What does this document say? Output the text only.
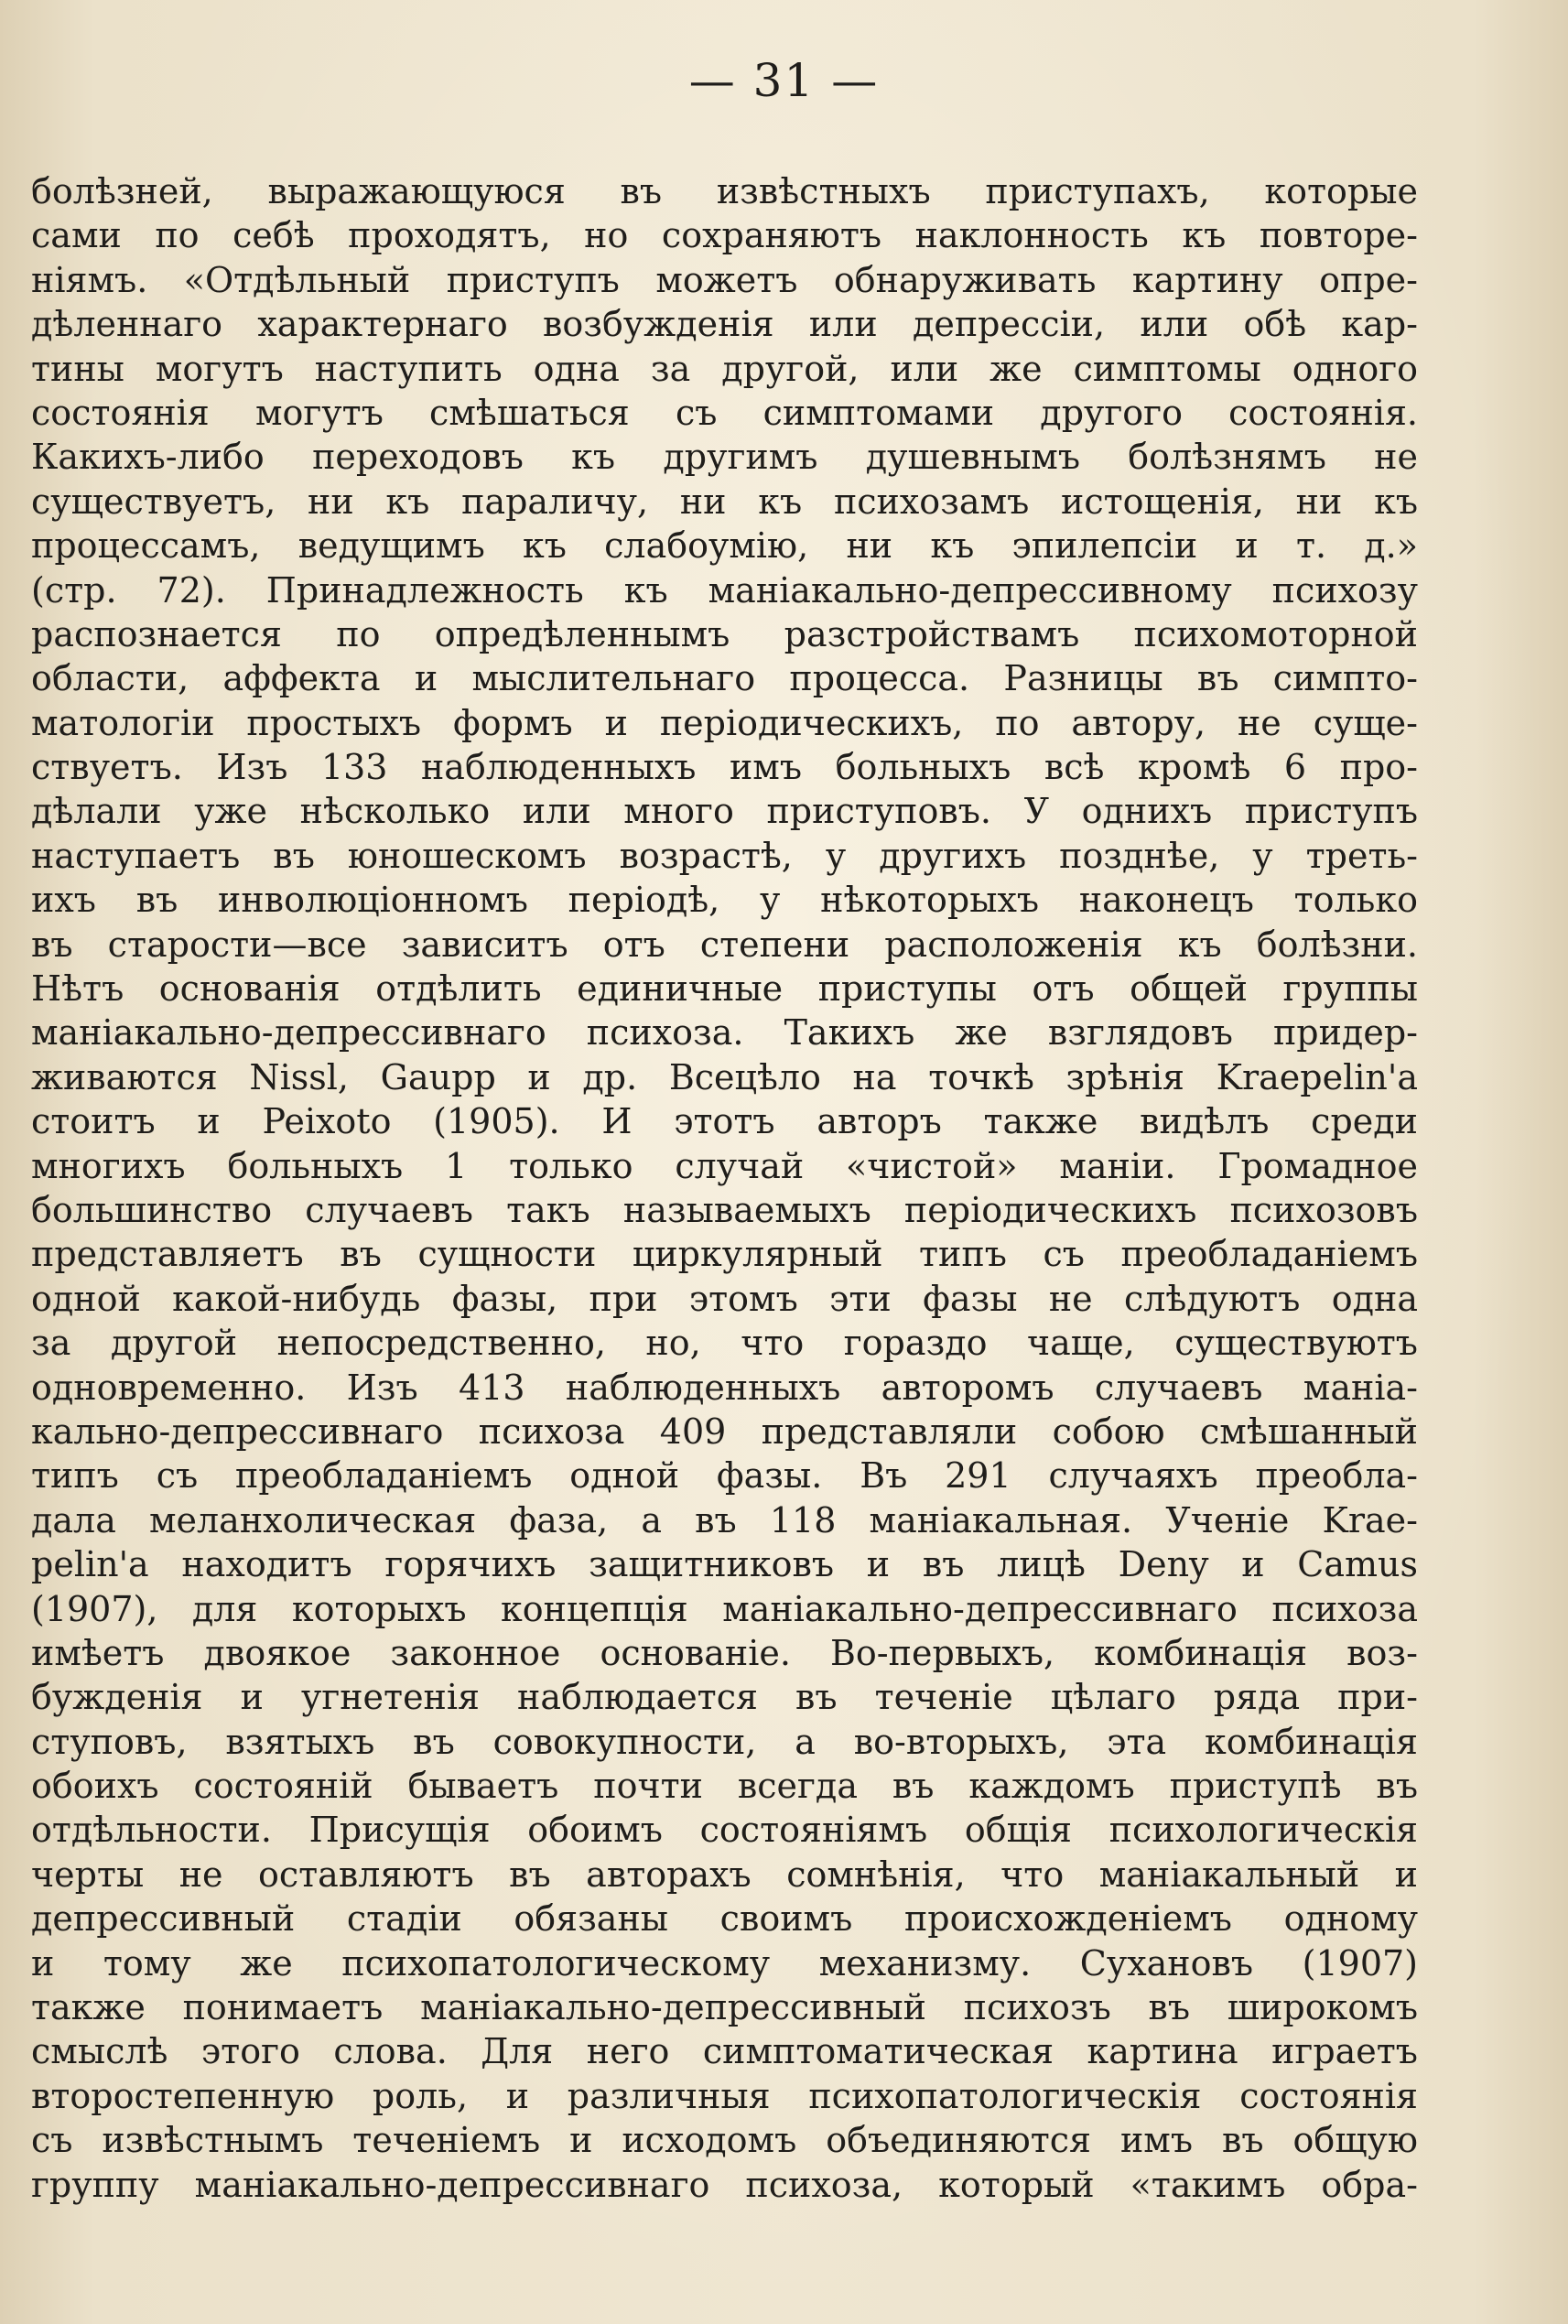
— 31 —
болѣзней, выражающуюся въ извѣстныхъ приступахъ, которые
сами по себѣ проходятъ, но сохраняютъ наклонность къ повторе-
ніямъ. «Отдѣльный приступъ можетъ обнаруживать картину опре-
дѣленнаго характернаго возбужденія или депрессіи, или обѣ кар-
тины могутъ наступить одна за другой, или же симптомы одного
состоянія могутъ смѣшаться съ симптомами другого состоянія.
Какихъ-либо переходовъ къ другимъ душевнымъ болѣзнямъ не
существуетъ, ни къ параличу, ни къ психозамъ истощенія, ни къ
процессамъ, ведущимъ къ слабоумію, ни къ эпилепсіи и т. д.»
(стр. 72). Принадлежность къ маніакально-депрессивному психозу
распознается по опредѣленнымъ разстройствамъ психомоторной
области, аффекта и мыслительнаго процесса. Разницы въ симпто-
матологіи простыхъ формъ и періодическихъ, по автору, не суще-
ствуетъ. Изъ 133 наблюденныхъ имъ больныхъ всѣ кромѣ 6 про-
дѣлали уже нѣсколько или много приступовъ. У однихъ приступъ
наступаетъ въ юношескомъ возрастѣ, у другихъ позднѣе, у треть-
ихъ въ инволюціонномъ періодѣ, у нѣкоторыхъ наконецъ только
въ старости—все зависитъ отъ степени расположенія къ болѣзни.
Нѣтъ основанія отдѣлить единичные приступы отъ общей группы
маніакально-депрессивнаго психоза. Такихъ же взглядовъ придер-
живаются Nissl, Gaupp и др. Всецѣло на точкѣ зрѣнія Kraepelin'а
стоитъ и Peixoto (1905). И этотъ авторъ также видѣлъ среди
многихъ больныхъ 1 только случай «чистой» маніи. Громадное
большинство случаевъ такъ называемыхъ періодическихъ психозовъ
представляетъ въ сущности циркулярный типъ съ преобладаніемъ
одной какой-нибудь фазы, при этомъ эти фазы не слѣдуютъ одна
за другой непосредственно, но, что гораздо чаще, существуютъ
одновременно. Изъ 413 наблюденныхъ авторомъ случаевъ маніа-
кально-депрессивнаго психоза 409 представляли собою смѣшанный
типъ съ преобладаніемъ одной фазы. Въ 291 случаяхъ преобла-
дала меланхолическая фаза, а въ 118 маніакальная. Ученіе Krae-
pelin'а находитъ горячихъ защитниковъ и въ лицѣ Deny и Camus
(1907), для которыхъ концепція маніакально-депрессивнаго психоза
имѣетъ двоякое законное основаніе. Во-первыхъ, комбинація воз-
бужденія и угнетенія наблюдается въ теченіе цѣлаго ряда при-
ступовъ, взятыхъ въ совокупности, а во-вторыхъ, эта комбинація
обоихъ состояній бываетъ почти всегда въ каждомъ приступѣ въ
отдѣльности. Присущія обоимъ состояніямъ общія психологическія
черты не оставляютъ въ авторахъ сомнѣнія, что маніакальный и
депрессивный стадіи обязаны своимъ происхожденіемъ одному
и тому же психопатологическому механизму. Сухановъ (1907)
также понимаетъ маніакально-депрессивный психозъ въ широкомъ
смыслѣ этого слова. Для него симптоматическая картина играетъ
второстепенную роль, и различныя психопатологическія состоянія
съ извѣстнымъ теченіемъ и исходомъ объединяются имъ въ общую
группу маніакально-депрессивнаго психоза, который «такимъ обра-
